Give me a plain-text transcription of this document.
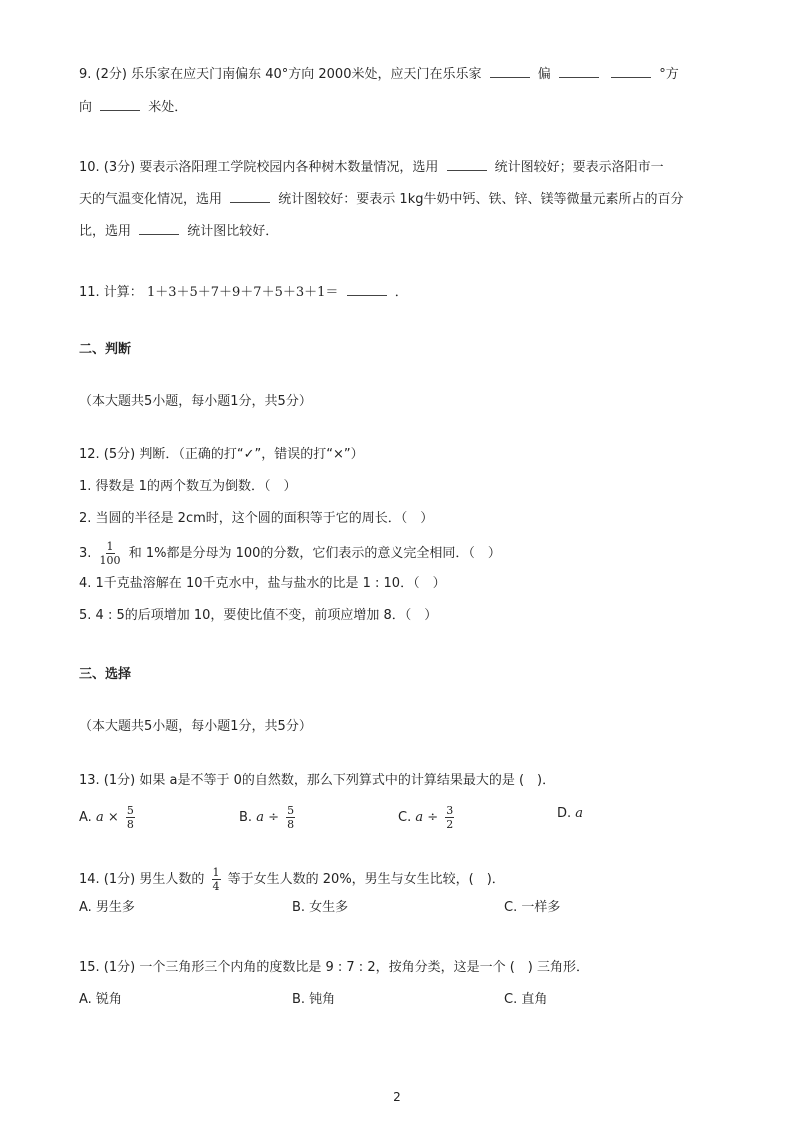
9. (2分) 乐乐家在应天门南偏东 40°方向 2000米处，应天门在乐乐家	偏	°方
向	米处．
10. (3分) 要表示洛阳理工学院校园内各种树木数量情况，选用	统计图较好；要表示洛阳市一
天的气温变化情况，选用	统计图较好：要表示 1kg牛奶中钙、铁、锌、镁等微量元素所占的百分
比，选用	统计图比较好．
11. 计算： 1＋3＋5＋7＋9＋7＋5＋3＋1＝	．
二、判断
（本大题共5小题，每小题1分，共5分）
12. (5分) 判断．（正确的打“✓”，错误的打“×”）
1. 得数是 1的两个数互为倒数．（　）
2. 当圆的半径是 2cm时，这个圆的面积等于它的周长．（　）
3. $\frac{1}{100}$ 和 1%都是分母为 100的分数，它们表示的意义完全相同．（　）
4. 1千克盐溶解在 10千克水中，盐与盐水的比是 1 : 10．（　）
5. 4 : 5的后项增加 10，要使比值不变，前项应增加 8．（　）
三、选择
（本大题共5小题，每小题1分，共5分）
13. (1分) 如果 a是不等于 0的自然数，那么下列算式中的计算结果最大的是 (　)．
A. $a \times \frac{5}{8}$	B. $a \div \frac{5}{8}$	C. $a \div \frac{3}{2}$	D. a
14. (1分) 男生人数的 $\frac{1}{4}$ 等于女生人数的 20%，男生与女生比较，(　)．
A. 男生多	B. 女生多	C. 一样多
15. (1分) 一个三角形三个内角的度数比是 9 : 7 : 2，按角分类，这是一个 (　) 三角形．
A. 锐角	B. 钝角	C. 直角
2
